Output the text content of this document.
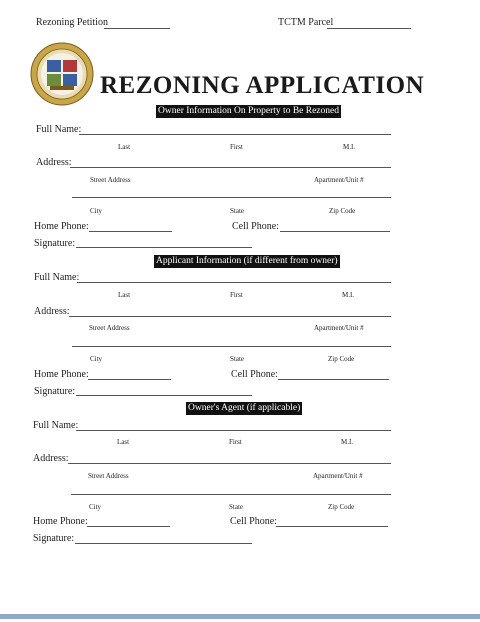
Rezoning Petition	TCTM Parcel
REZONING APPLICATION
Owner Information On Property to Be Rezoned
Full Name:
Last	First	M.I.
Address:
Street Address	Apartment/Unit #
City	State	Zip Code
Home Phone:	Cell Phone:
Signature:
Applicant Information (if different from owner)
Full Name:
Last	First	M.I.
Address:
Street Address	Apartment/Unit #
City	State	Zip Code
Home Phone:	Cell Phone:
Signature:
Owner's Agent (if applicable)
Full Name:
Last	First	M.I.
Address:
Street Address	Apartment/Unit #
City	State	Zip Code
Home Phone:	Cell Phone:
Signature:
